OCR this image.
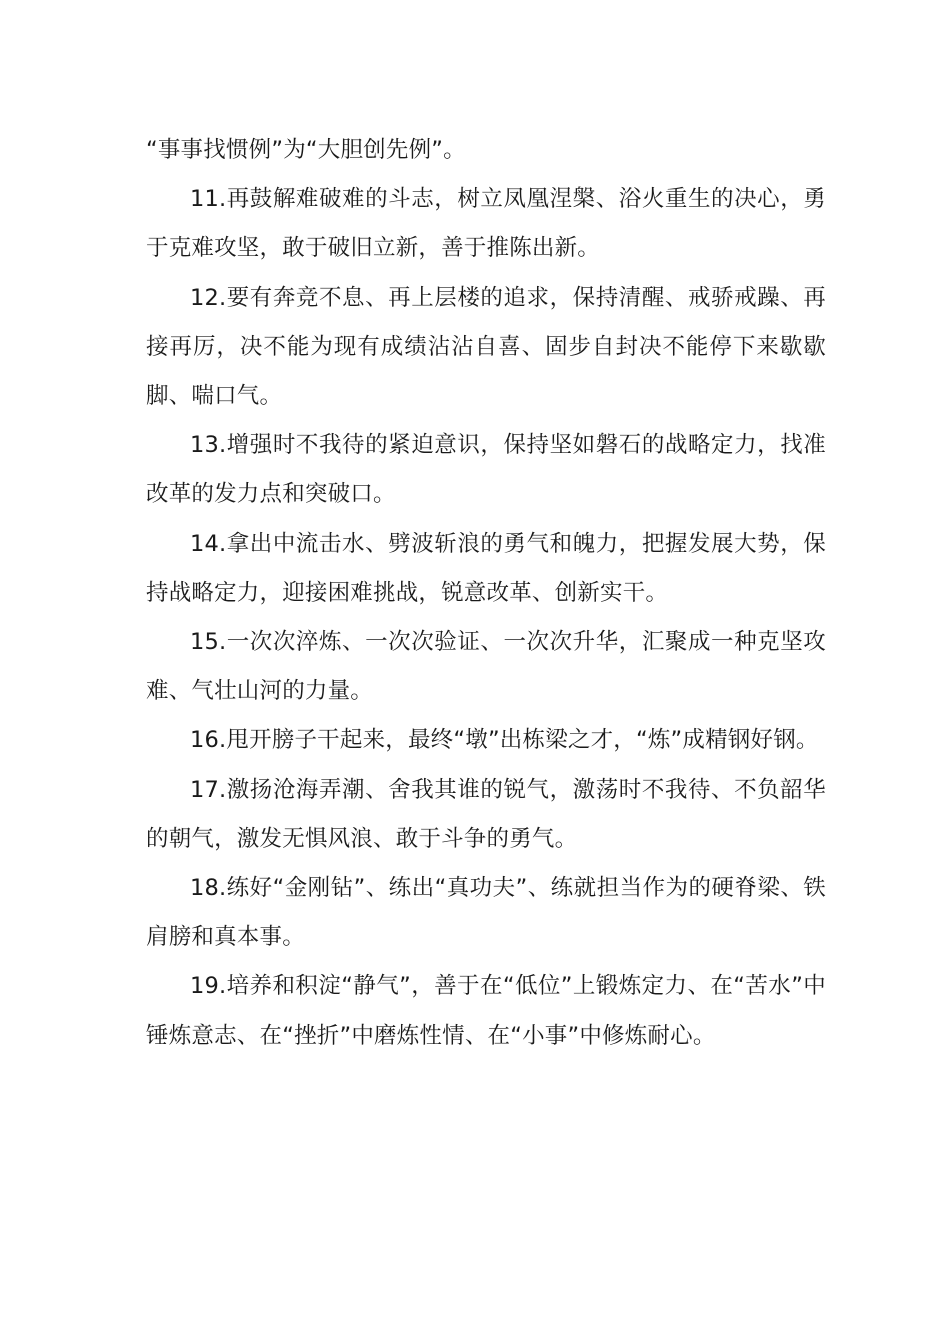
“事事找惯例”为“大胆创先例”。

11.再鼓解难破难的斗志，树立凤凰涅槃、浴火重生的决心，勇于克难攻坚，敢于破旧立新，善于推陈出新。

12.要有奔竞不息、再上层楼的追求，保持清醒、戒骄戒躁、再接再厉，决不能为现有成绩沾沾自喜、固步自封决不能停下来歇歇脚、喘口气。

13.增强时不我待的紧迫意识，保持坚如磐石的战略定力，找准改革的发力点和突破口。

14.拿出中流击水、劈波斩浪的勇气和魄力，把握发展大势，保持战略定力，迎接困难挑战，锐意改革、创新实干。

15.一次次淬炼、一次次验证、一次次升华，汇聚成一种克坚攻难、气壮山河的力量。

16.甩开膀子干起来，最终“墩”出栋梁之才，“炼”成精钢好钢。

17.激扬沧海弄潮、舍我其谁的锐气，激荡时不我待、不负韶华的朝气，激发无惧风浪、敢于斗争的勇气。

18.练好“金刚钻”、练出“真功夫”、练就担当作为的硬脊梁、铁肩膀和真本事。

19.培养和积淀“静气”，善于在“低位”上锻炼定力、在“苦水”中锤炼意志、在“挫折”中磨炼性情、在“小事”中修炼耐心。
